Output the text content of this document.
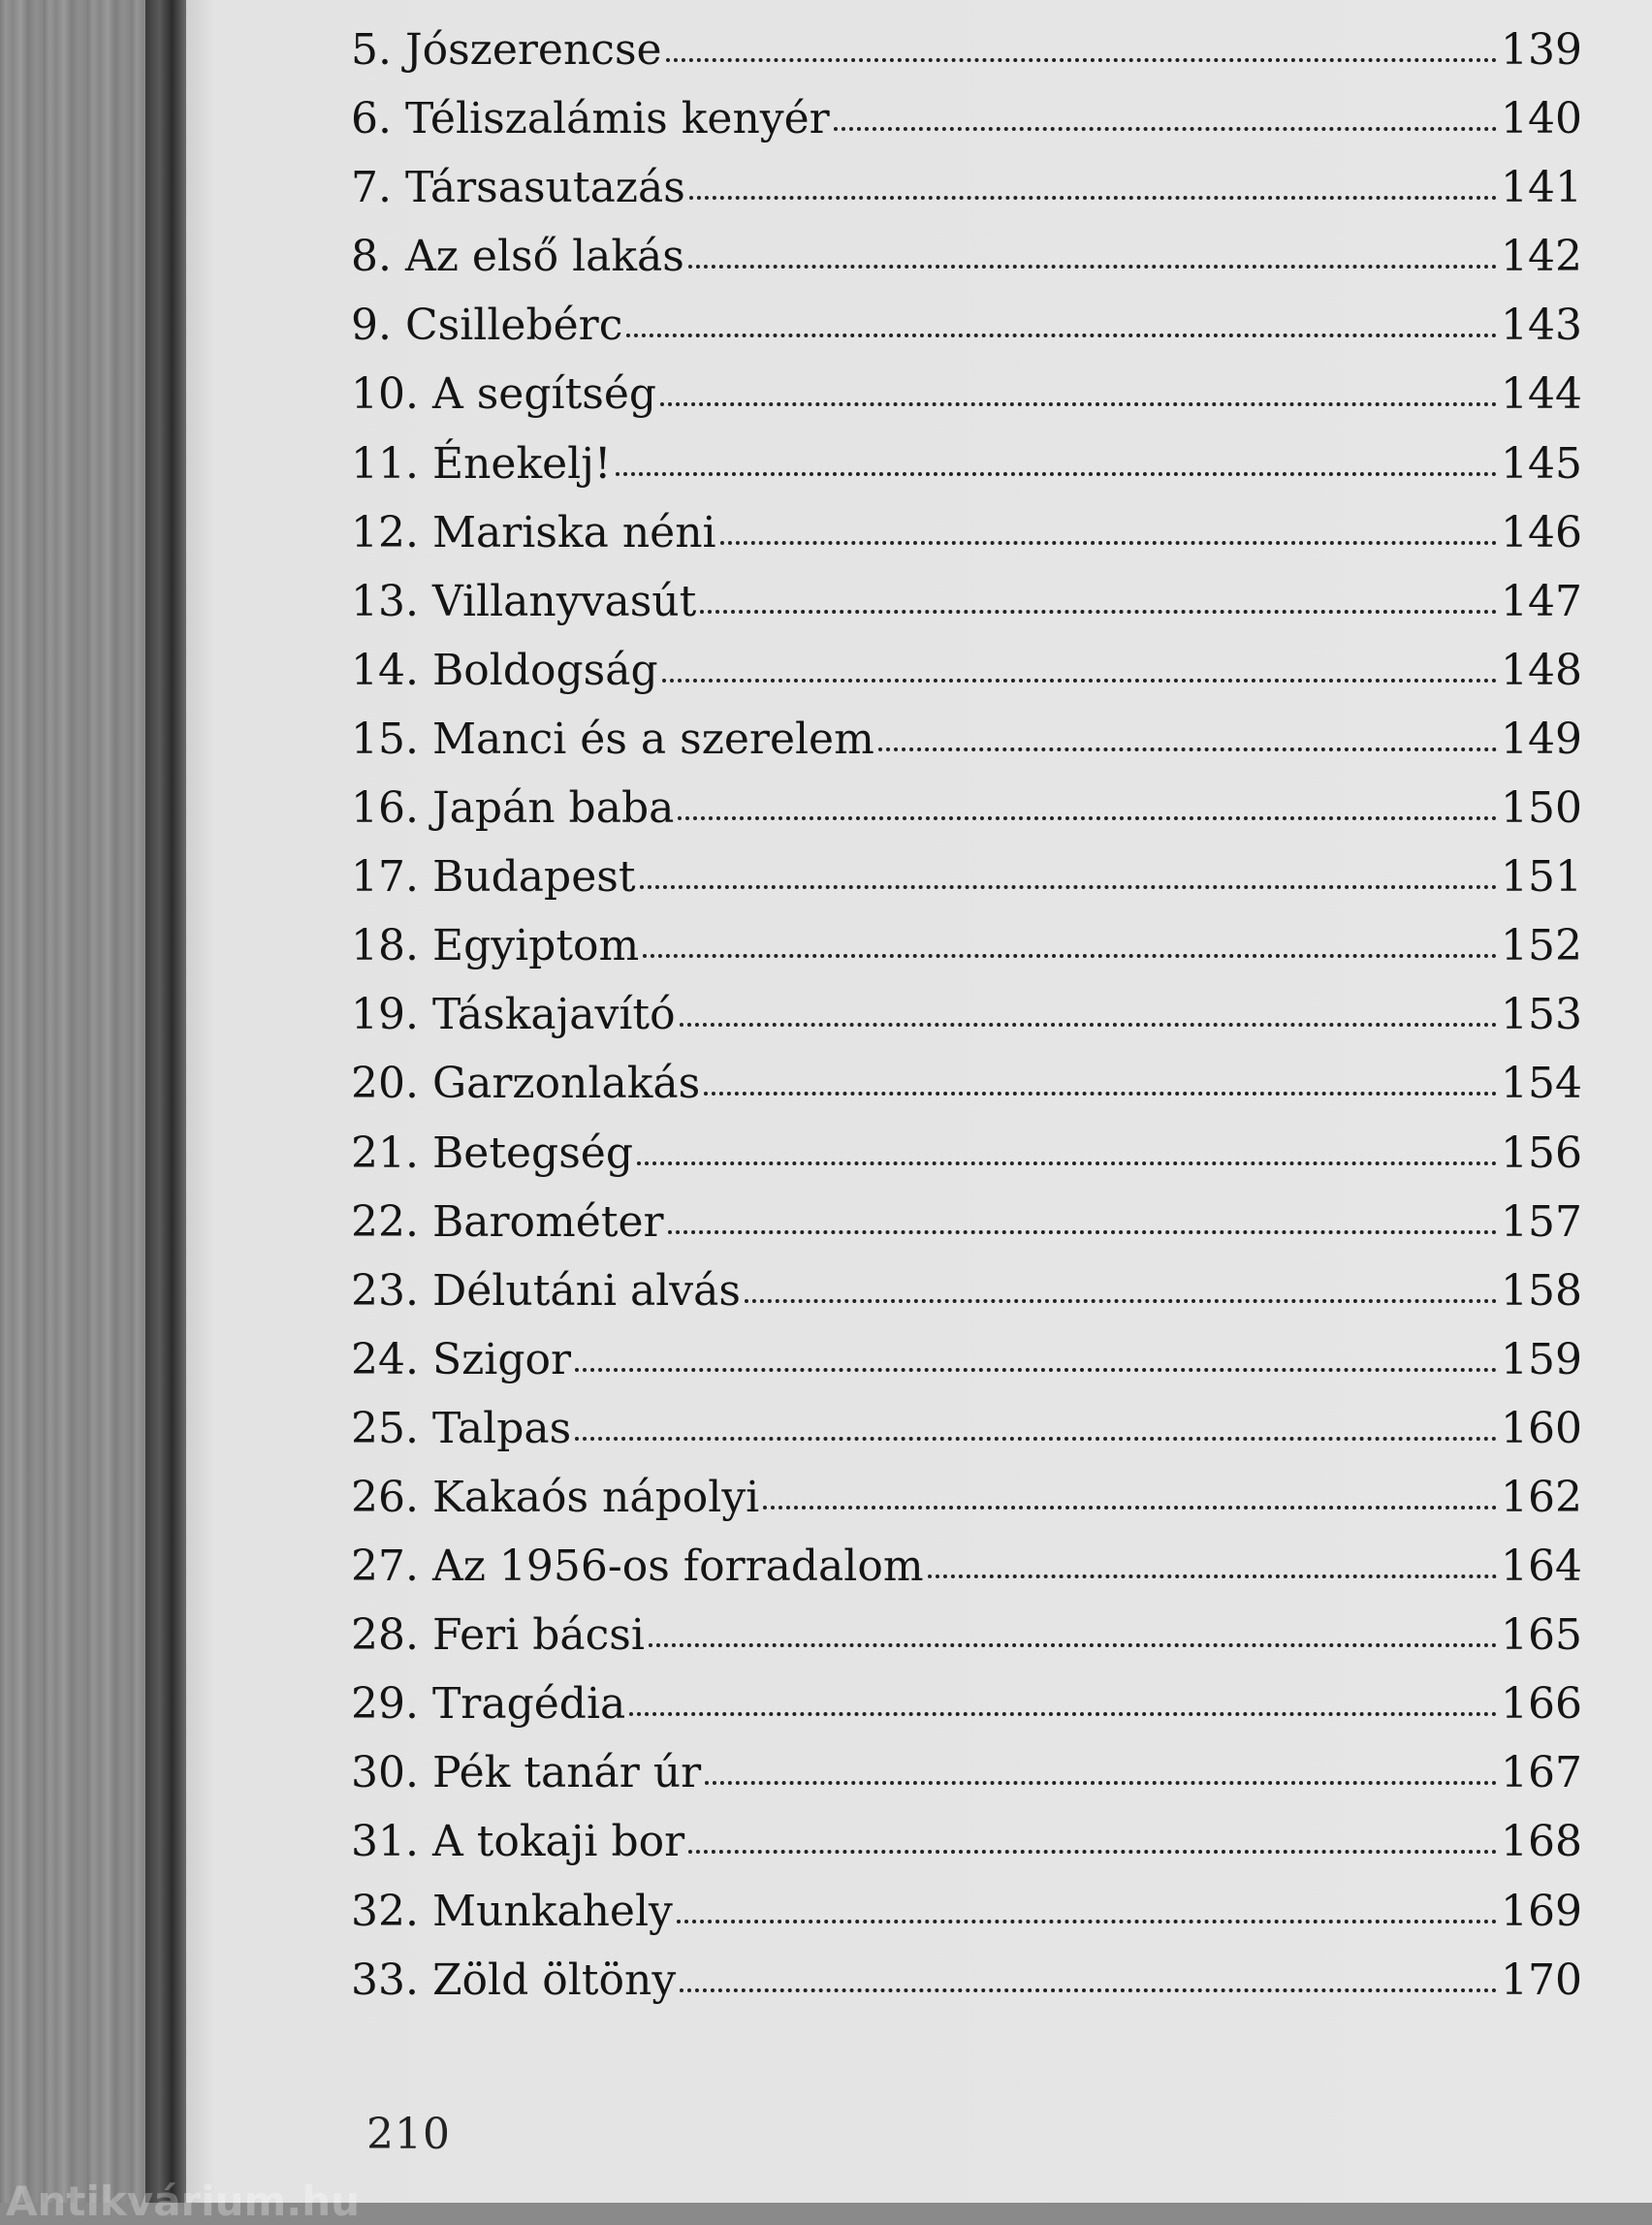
5. Jószerencse	139
6. Téliszalámis kenyér	140
7. Társasutazás	141
8. Az első lakás	142
9. Csillebérc	143
10. A segítség	144
11. Énekelj!	145
12. Mariska néni	146
13. Villanyvasút	147
14. Boldogság	148
15. Manci és a szerelem	149
16. Japán baba	150
17. Budapest	151
18. Egyiptom	152
19. Táskajavító	153
20. Garzonlakás	154
21. Betegség	156
22. Barométer	157
23. Délutáni alvás	158
24. Szigor	159
25. Talpas	160
26. Kakaós nápolyi	162
27. Az 1956-os forradalom	164
28. Feri bácsi	165
29. Tragédia	166
30. Pék tanár úr	167
31. A tokaji bor	168
32. Munkahely	169
33. Zöld öltöny	170
210
Antikvárium.hu
